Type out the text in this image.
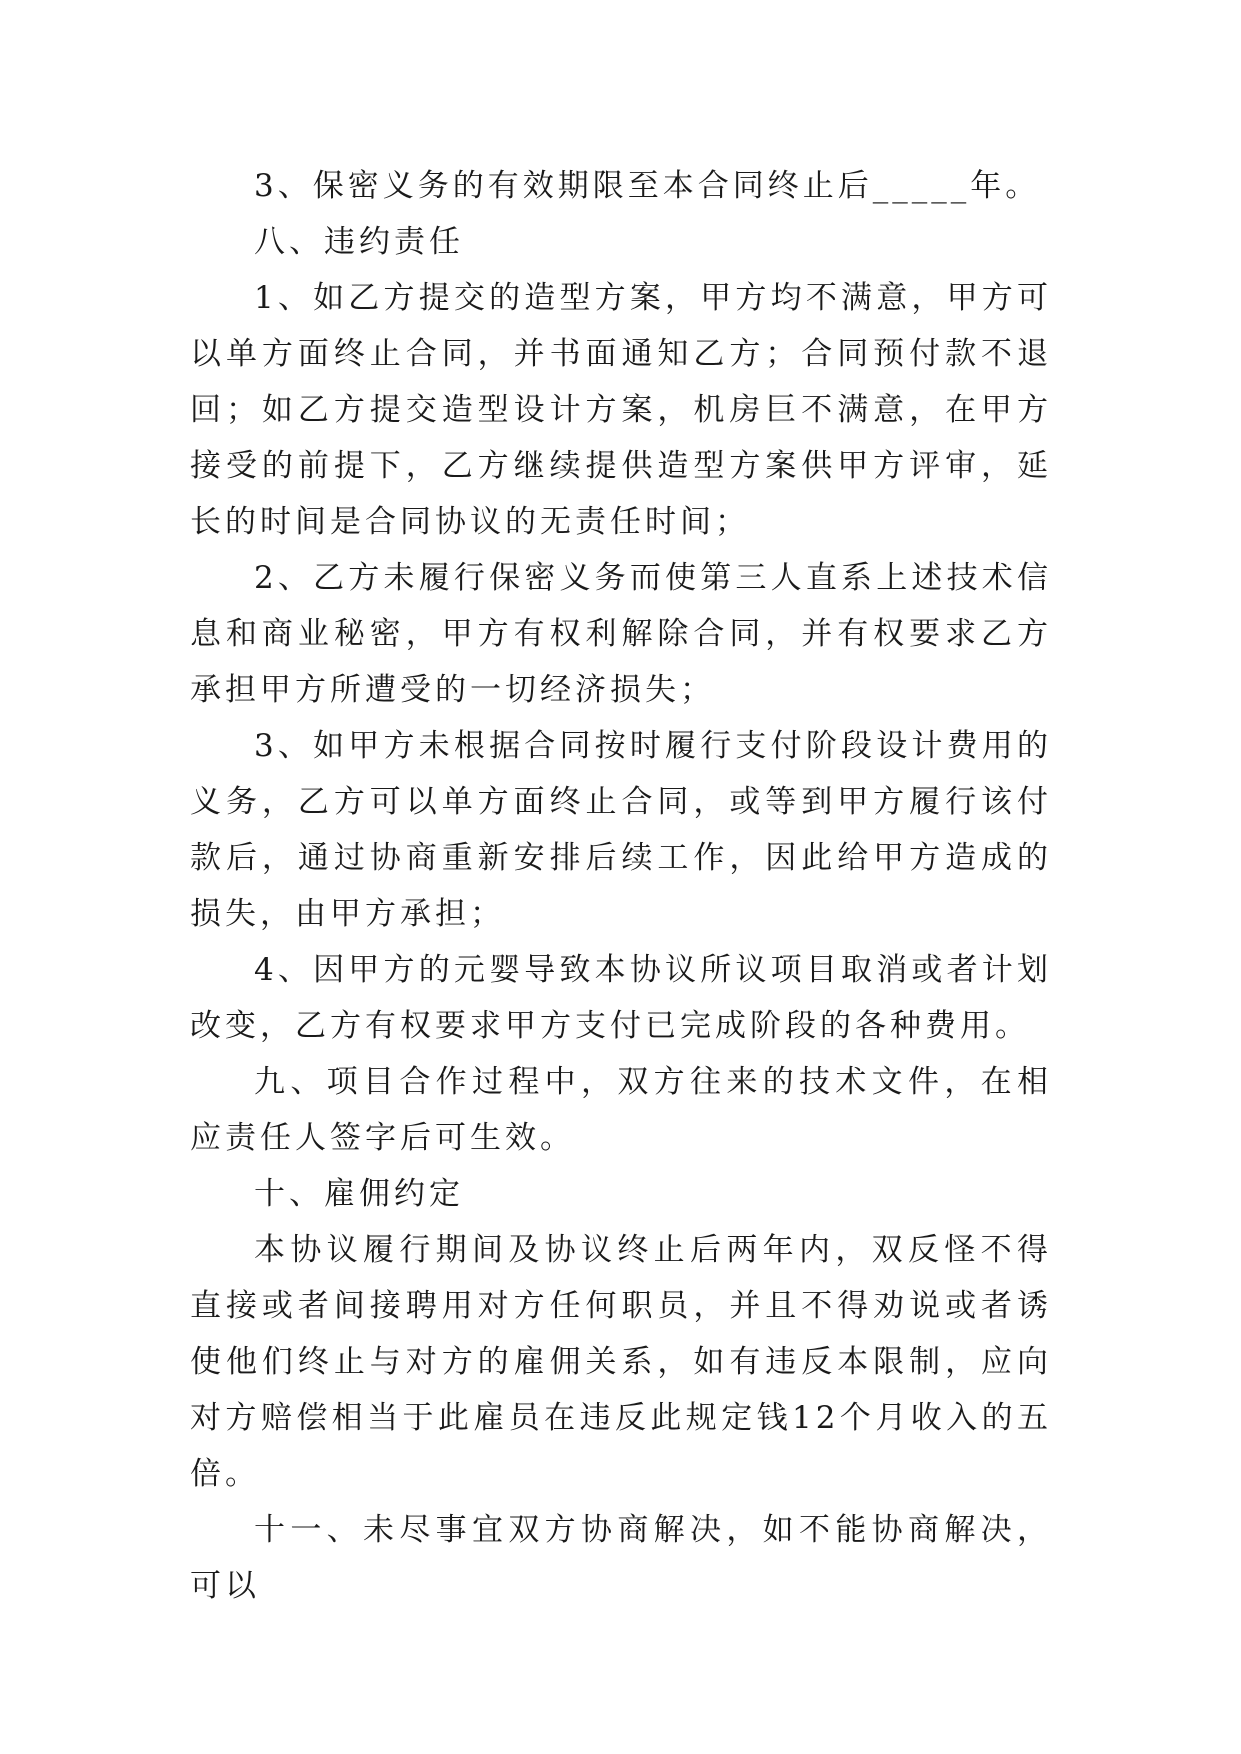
3、保密义务的有效期限至本合同终止后_____年。

八、违约责任

1、如乙方提交的造型方案，甲方均不满意，甲方可以单方面终止合同，并书面通知乙方；合同预付款不退回；如乙方提交造型设计方案，机房巨不满意，在甲方接受的前提下，乙方继续提供造型方案供甲方评审，延长的时间是合同协议的无责任时间；

2、乙方未履行保密义务而使第三人直系上述技术信息和商业秘密，甲方有权利解除合同，并有权要求乙方承担甲方所遭受的一切经济损失；

3、如甲方未根据合同按时履行支付阶段设计费用的义务，乙方可以单方面终止合同，或等到甲方履行该付款后，通过协商重新安排后续工作，因此给甲方造成的损失，由甲方承担；

4、因甲方的元婴导致本协议所议项目取消或者计划改变，乙方有权要求甲方支付已完成阶段的各种费用。

九、项目合作过程中，双方往来的技术文件，在相应责任人签字后可生效。

十、雇佣约定

本协议履行期间及协议终止后两年内，双反怪不得直接或者间接聘用对方任何职员，并且不得劝说或者诱使他们终止与对方的雇佣关系，如有违反本限制，应向对方赔偿相当于此雇员在违反此规定钱12个月收入的五倍。

十一、未尽事宜双方协商解决，如不能协商解决，可以
